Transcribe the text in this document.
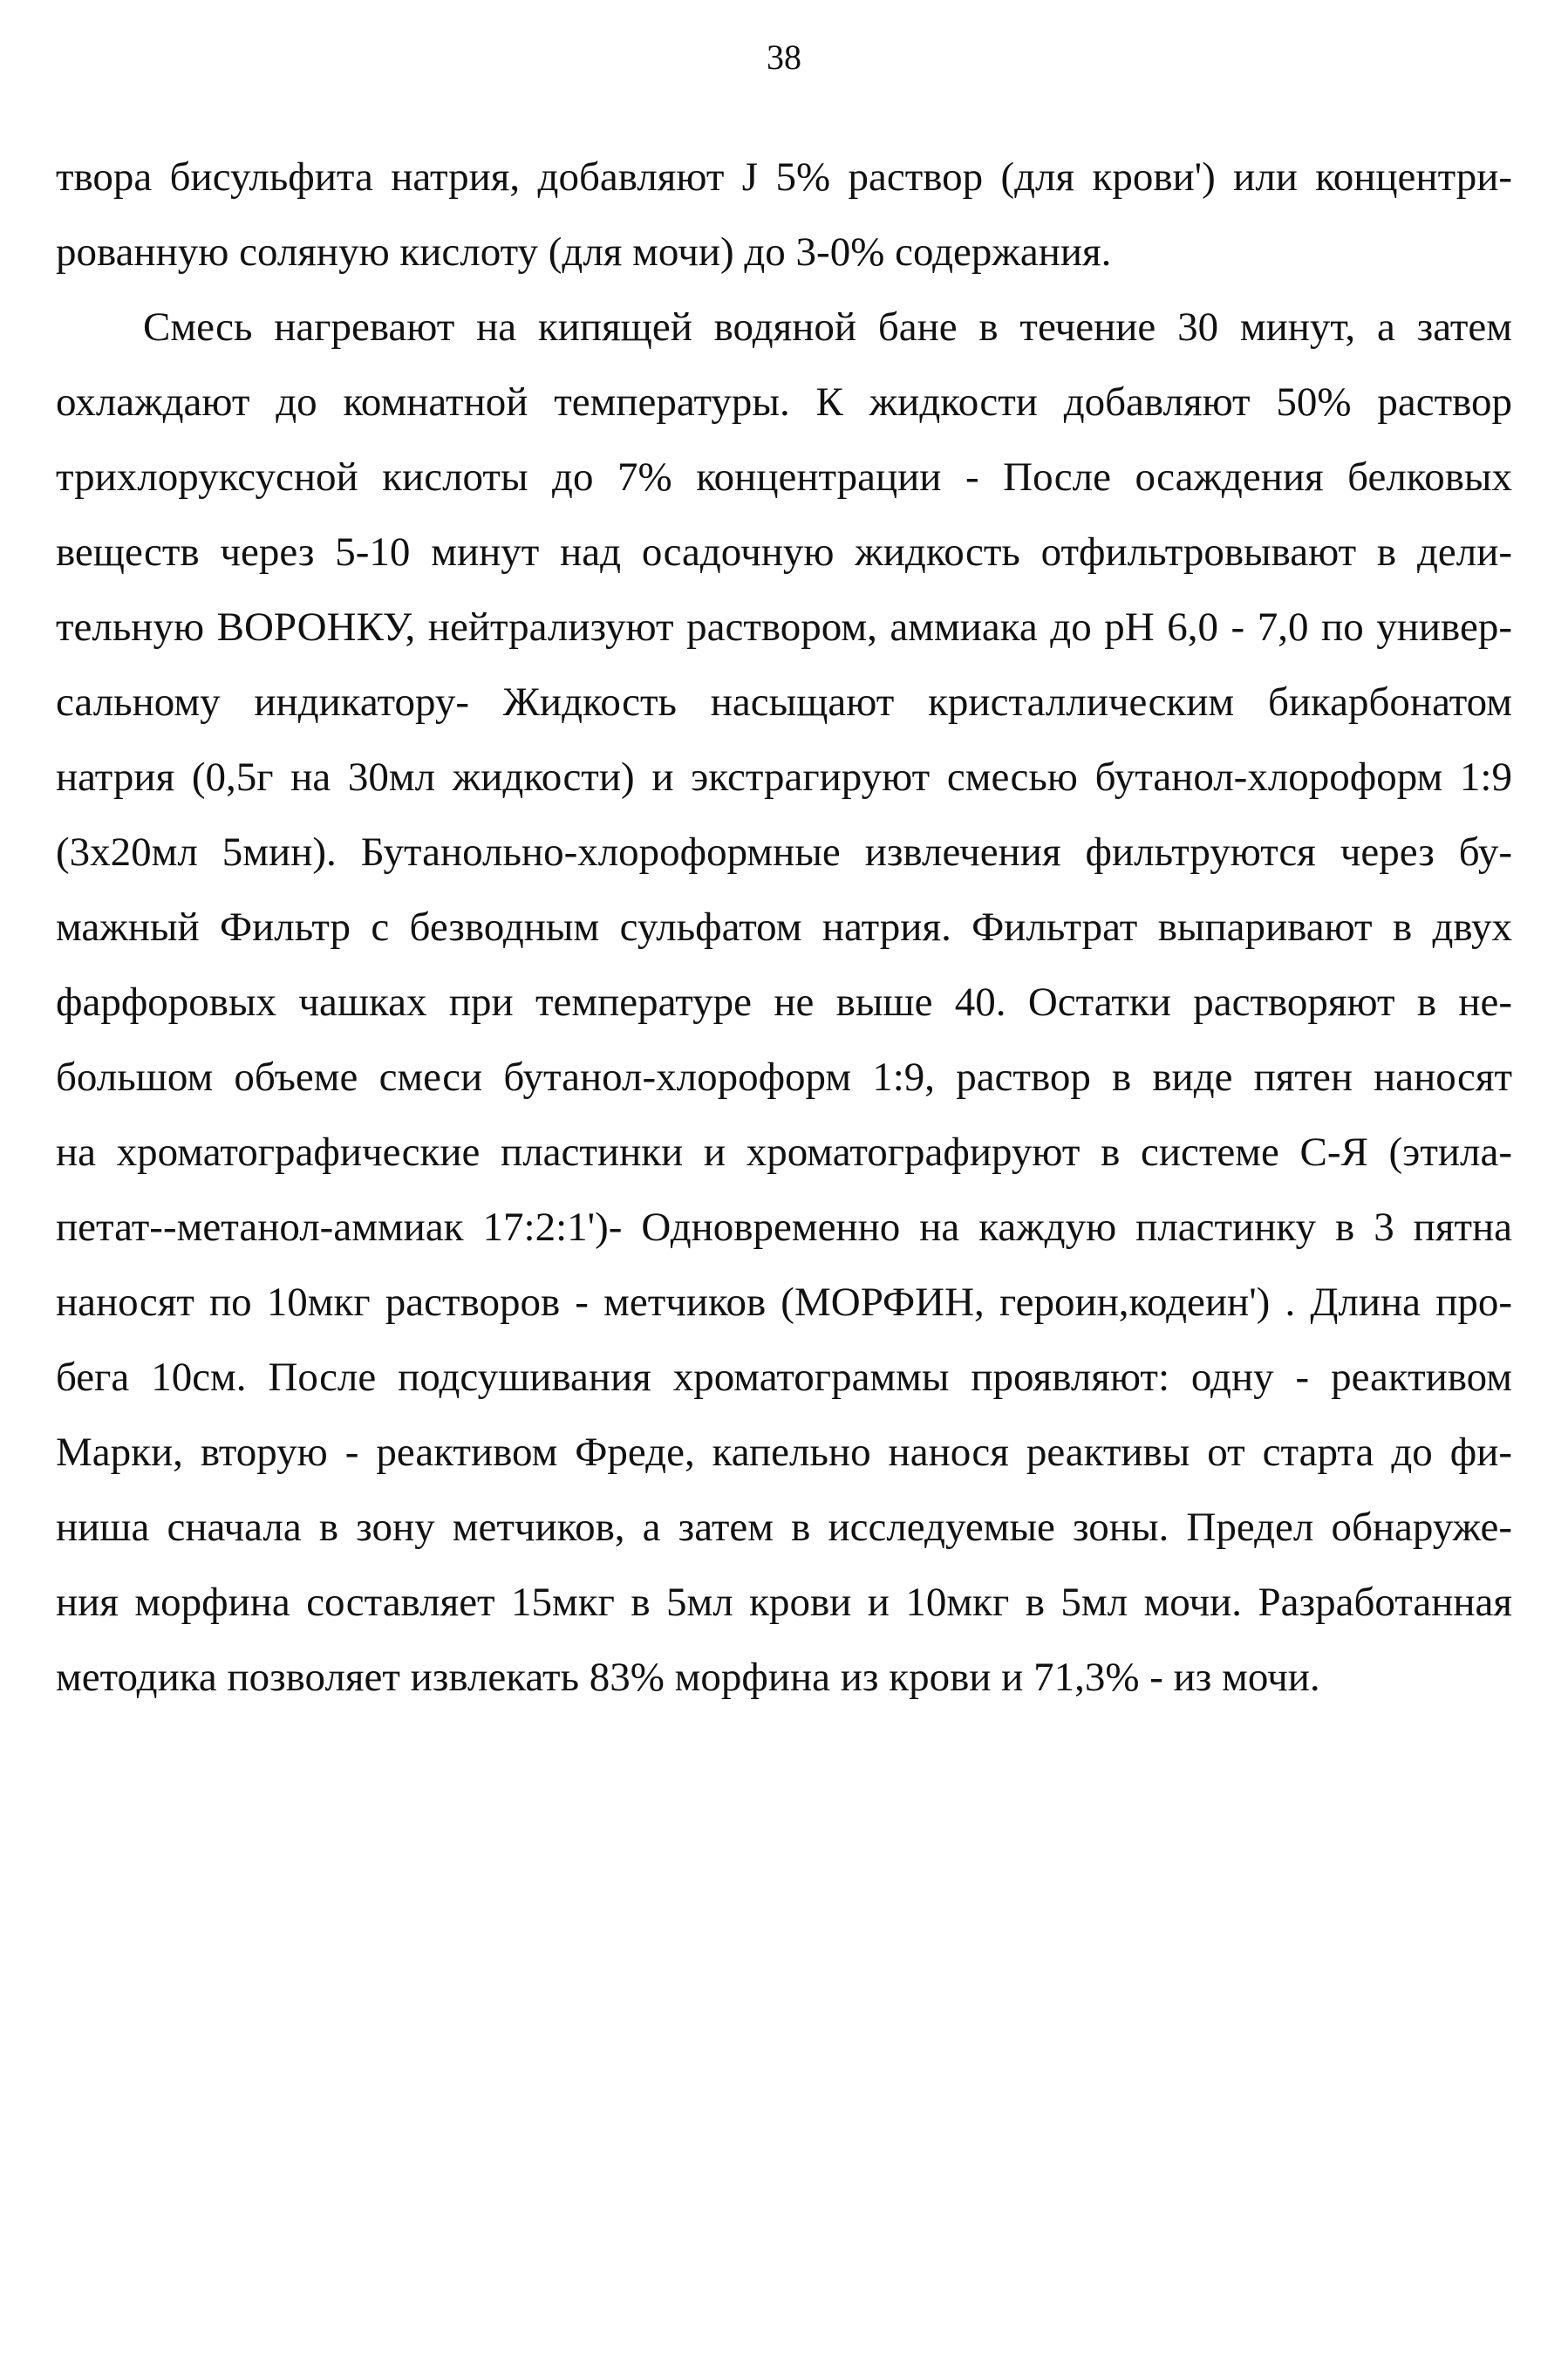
38
твора бисульфита натрия, добавляют J 5% раствор (для крови') или концентри-
рованную соляную кислоту (для мочи) до 3-0% содержания.
Смесь нагревают на кипящей водяной бане в течение 30 минут, а затем
охлаждают до комнатной температуры. К жидкости добавляют 50% раствор
трихлоруксусной кислоты до 7% концентрации - После осаждения белковых
веществ через 5-10 минут над осадочную жидкость отфильтровывают в дели-
тельную ВОРОНКУ, нейтрализуют раствором, аммиака до рН 6,0 - 7,0 по универ-
сальному индикатору- Жидкость насыщают кристаллическим бикарбонатом
натрия (0,5г на 30мл жидкости) и экстрагируют смесью бутанол-хлороформ 1:9
(3х20мл 5мин). Бутанольно-хлороформные извлечения фильтруются через бу-
мажный Фильтр с безводным сульфатом натрия. Фильтрат выпаривают в двух
фарфоровых чашках при температуре не выше 40. Остатки растворяют в не-
большом объеме смеси бутанол-хлороформ 1:9, раствор в виде пятен наносят
на хроматографические пластинки и хроматографируют в системе С-Я (этила-
петат--метанол-аммиак 17:2:1')- Одновременно на каждую пластинку в 3 пятна
наносят по 10мкг растворов - метчиков (МОРФИН, героин,кодеин') . Длина про-
бега 10см. После подсушивания хроматограммы проявляют: одну - реактивом
Марки, вторую - реактивом Фреде, капельно нанося реактивы от старта до фи-
ниша сначала в зону метчиков, а затем в исследуемые зоны. Предел обнаруже-
ния морфина составляет 15мкг в 5мл крови и 10мкг в 5мл мочи. Разработанная
методика позволяет извлекать 83% морфина из крови и 71,3% - из мочи.
